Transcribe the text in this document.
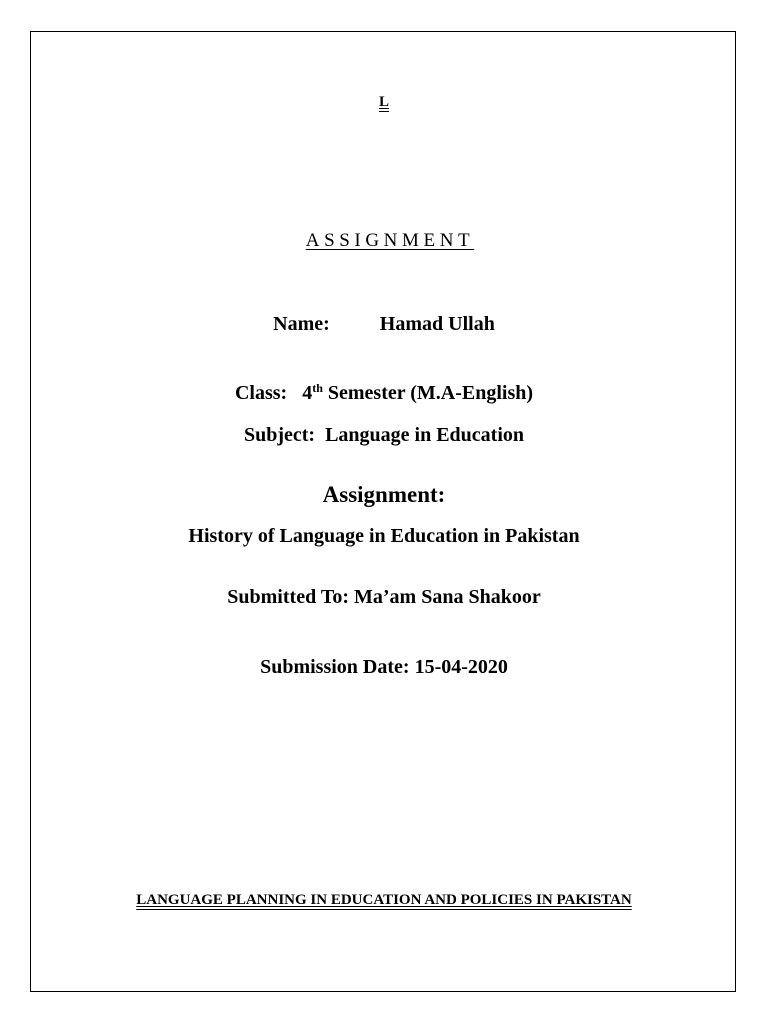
L
ASSIGNMENT
Name:	Hamad Ullah
Class: 4th Semester (M.A-English)
Subject: Language in Education
Assignment:
History of Language in Education in Pakistan
Submitted To: Ma’am Sana Shakoor
Submission Date: 15-04-2020
LANGUAGE PLANNING IN EDUCATION AND POLICIES IN PAKISTAN
